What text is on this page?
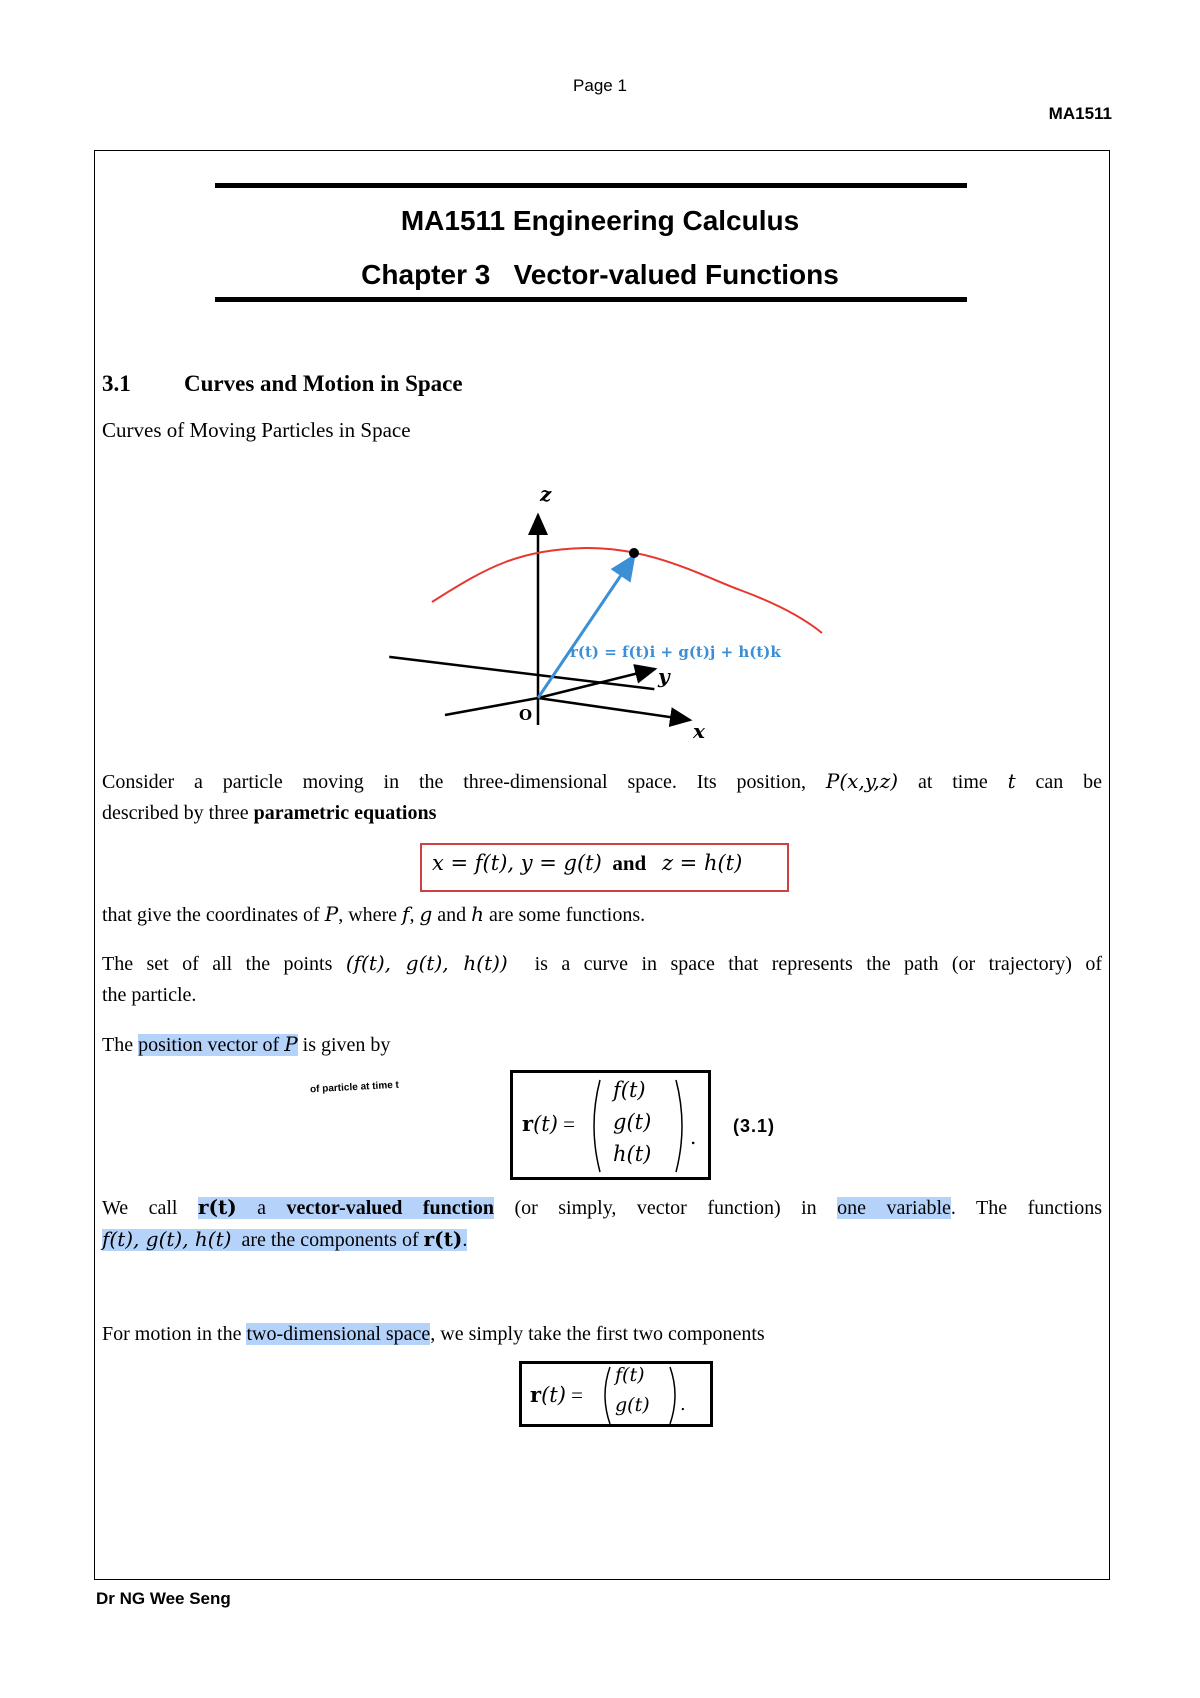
Page 1
MA1511
MA1511 Engineering Calculus
Chapter 3   Vector-valued Functions
3.1 Curves and Motion in Space
Curves of Moving Particles in Space
z
y
x
O
r(t) = f(t)i + g(t)j + h(t)k
Consider a particle moving in the three-dimensional space. Its position, P(x,y,z) at time t can be
described by three parametric equations
x = f(t), y = g(t) and z = h(t)
that give the coordinates of P, where f, g and h are some functions.
The set of all the points (f(t), g(t), h(t))  is a curve in space that represents the path (or trajectory) of
the particle.
The position vector of P is given by
of particle at time t
.
r(t) =
f(t)
g(t)
h(t)
(3.1)
We call r(t) a vector-valued function (or simply, vector function) in one variable. The functions
f(t), g(t), h(t)  are the components of r(t).
For motion in the two-dimensional space, we simply take the first two components
.
r(t) =
f(t)
g(t)
Dr NG Wee Seng
